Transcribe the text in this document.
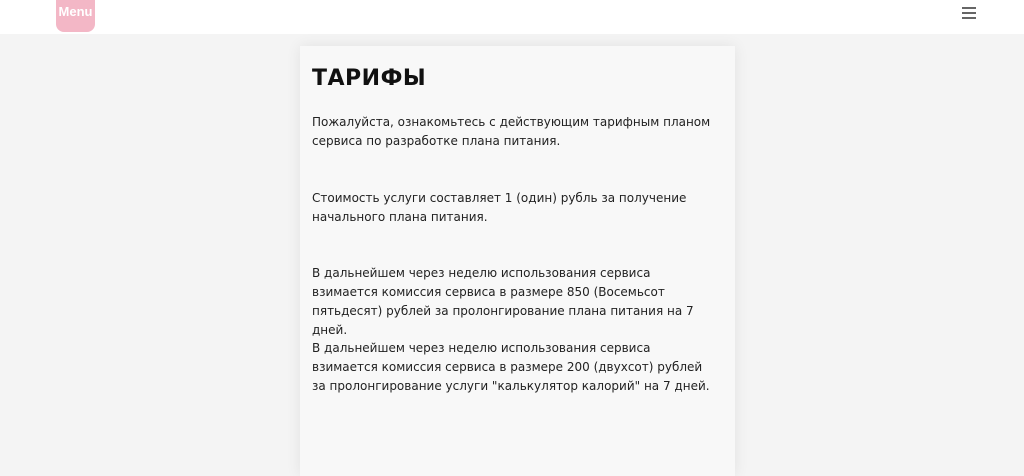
Menu
ТАРИФЫ

Пожалуйста, ознакомьтесь с действующим тарифным планом сервиса по разработке плана питания.

Стоимость услуги составляет 1 (один) рубль за получение начального плана питания.

В дальнейшем через неделю использования сервиса взимается комиссия сервиса в размере 850 (Восемьсот пятьдесят) рублей за пролонгирование плана питания на 7 дней.

В дальнейшем через неделю использования сервиса взимается комиссия сервиса в размере 200 (двухсот) рублей за пролонгирование услуги "калькулятор калорий" на 7 дней.
